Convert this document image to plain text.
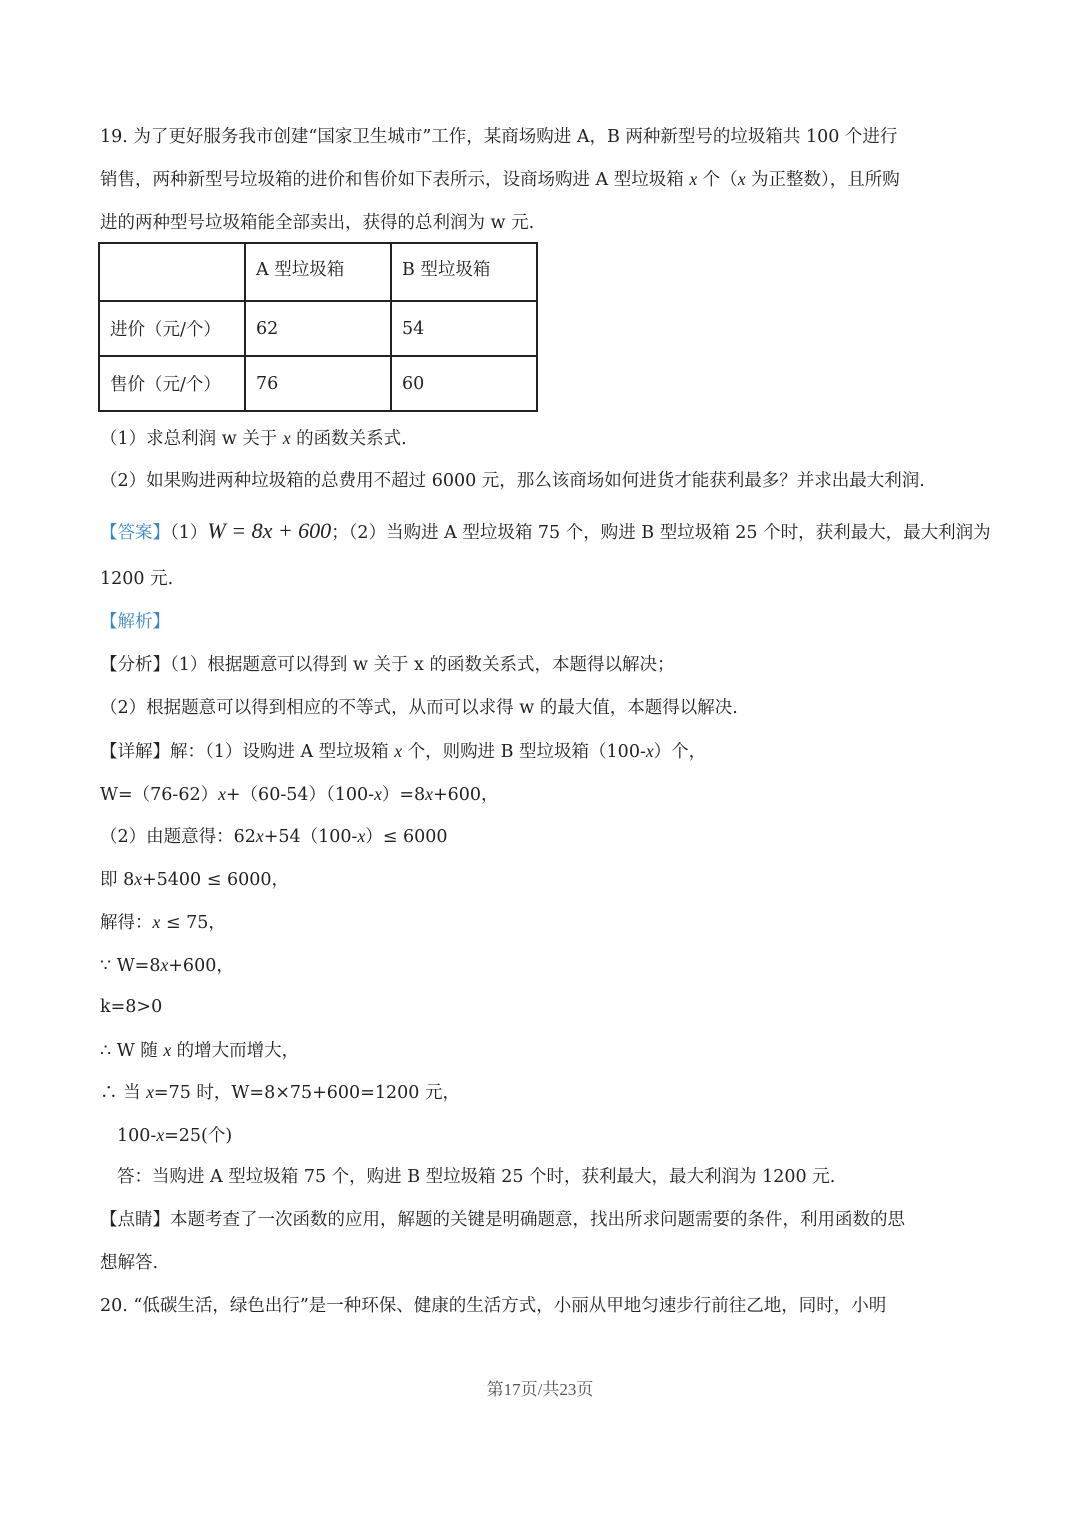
19. 为了更好服务我市创建“国家卫生城市”工作，某商场购进 A，B 两种新型号的垃圾箱共 100 个进行
销售，两种新型号垃圾箱的进价和售价如下表所示，设商场购进 A 型垃圾箱 x 个（x 为正整数），且所购
进的两种型号垃圾箱能全部卖出，获得的总利润为 w 元.
	A 型垃圾箱	B 型垃圾箱
进价（元/个）	62	54
售价（元/个）	76	60
（1）求总利润 w 关于 x 的函数关系式.
（2）如果购进两种垃圾箱的总费用不超过 6000 元，那么该商场如何进货才能获利最多？并求出最大利润.
【答案】（1）W = 8x + 600；（2）当购进 A 型垃圾箱 75 个，购进 B 型垃圾箱 25 个时，获利最大，最大利润为
1200 元.
【解析】
【分析】（1）根据题意可以得到 w 关于 x 的函数关系式，本题得以解决；
（2）根据题意可以得到相应的不等式，从而可以求得 w 的最大值，本题得以解决.
【详解】解：（1）设购进 A 型垃圾箱 x 个，则购进 B 型垃圾箱（100-x）个，
W=（76-62）x+（60-54）（100-x）=8x+600，
（2）由题意得：62x+54（100-x）≤ 6000
即 8x+5400 ≤ 6000，
解得：x ≤ 75，
∵ W=8x+600，
k=8>0
∴ W 随 x 的增大而增大，
∴ 当 x=75 时，W=8×75+600=1200 元，
100-x=25(个)
答：当购进 A 型垃圾箱 75 个，购进 B 型垃圾箱 25 个时，获利最大，最大利润为 1200 元.
【点睛】本题考查了一次函数的应用，解题的关键是明确题意，找出所求问题需要的条件，利用函数的思
想解答.
20. “低碳生活，绿色出行”是一种环保、健康的生活方式，小丽从甲地匀速步行前往乙地，同时，小明
第17页/共23页
